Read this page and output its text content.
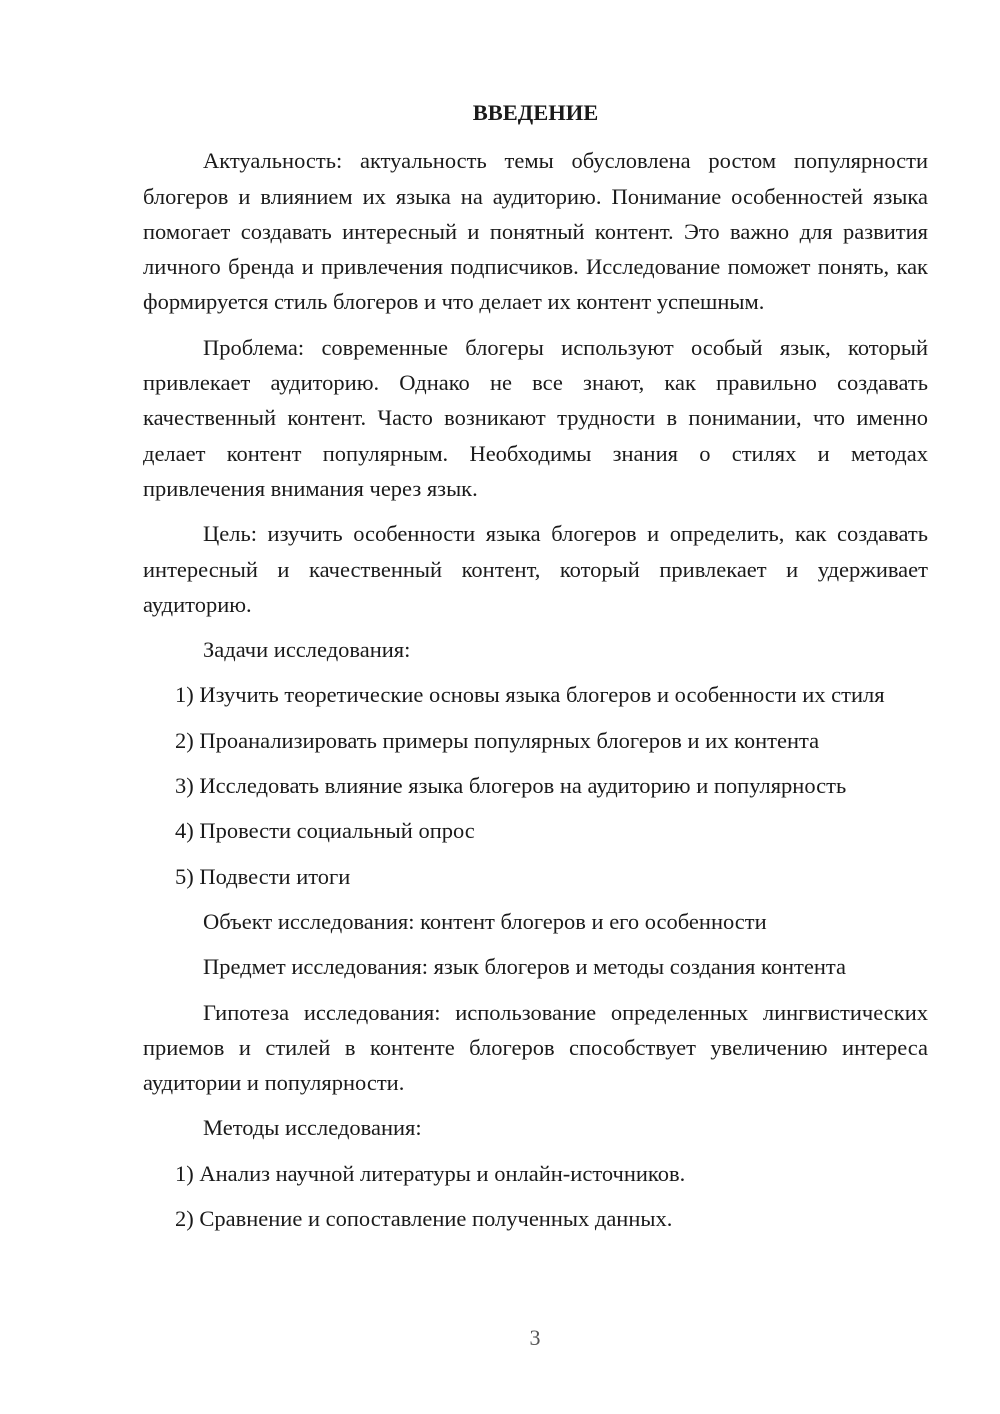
ВВЕДЕНИЕ

Актуальность: актуальность темы обусловлена ростом популярности блогеров и влиянием их языка на аудиторию. Понимание особенностей языка помогает создавать интересный и понятный контент. Это важно для развития личного бренда и привлечения подписчиков. Исследование поможет понять, как формируется стиль блогеров и что делает их контент успешным.

Проблема: современные блогеры используют особый язык, который привлекает аудиторию. Однако не все знают, как правильно создавать качественный контент. Часто возникают трудности в понимании, что именно делает контент популярным. Необходимы знания о стилях и методах привлечения внимания через язык.

Цель: изучить особенности языка блогеров и определить, как создавать интересный и качественный контент, который привлекает и удерживает аудиторию.

Задачи исследования:

1) Изучить теоретические основы языка блогеров и особенности их стиля

2) Проанализировать примеры популярных блогеров и их контента

3) Исследовать влияние языка блогеров на аудиторию и популярность

4) Провести социальный опрос

5) Подвести итоги

Объект исследования: контент блогеров и его особенности

Предмет исследования: язык блогеров и методы создания контента

Гипотеза исследования: использование определенных лингвистических приемов и стилей в контенте блогеров способствует увеличению интереса аудитории и популярности.

Методы исследования:

1) Анализ научной литературы и онлайн-источников.

2) Сравнение и сопоставление полученных данных.

3
